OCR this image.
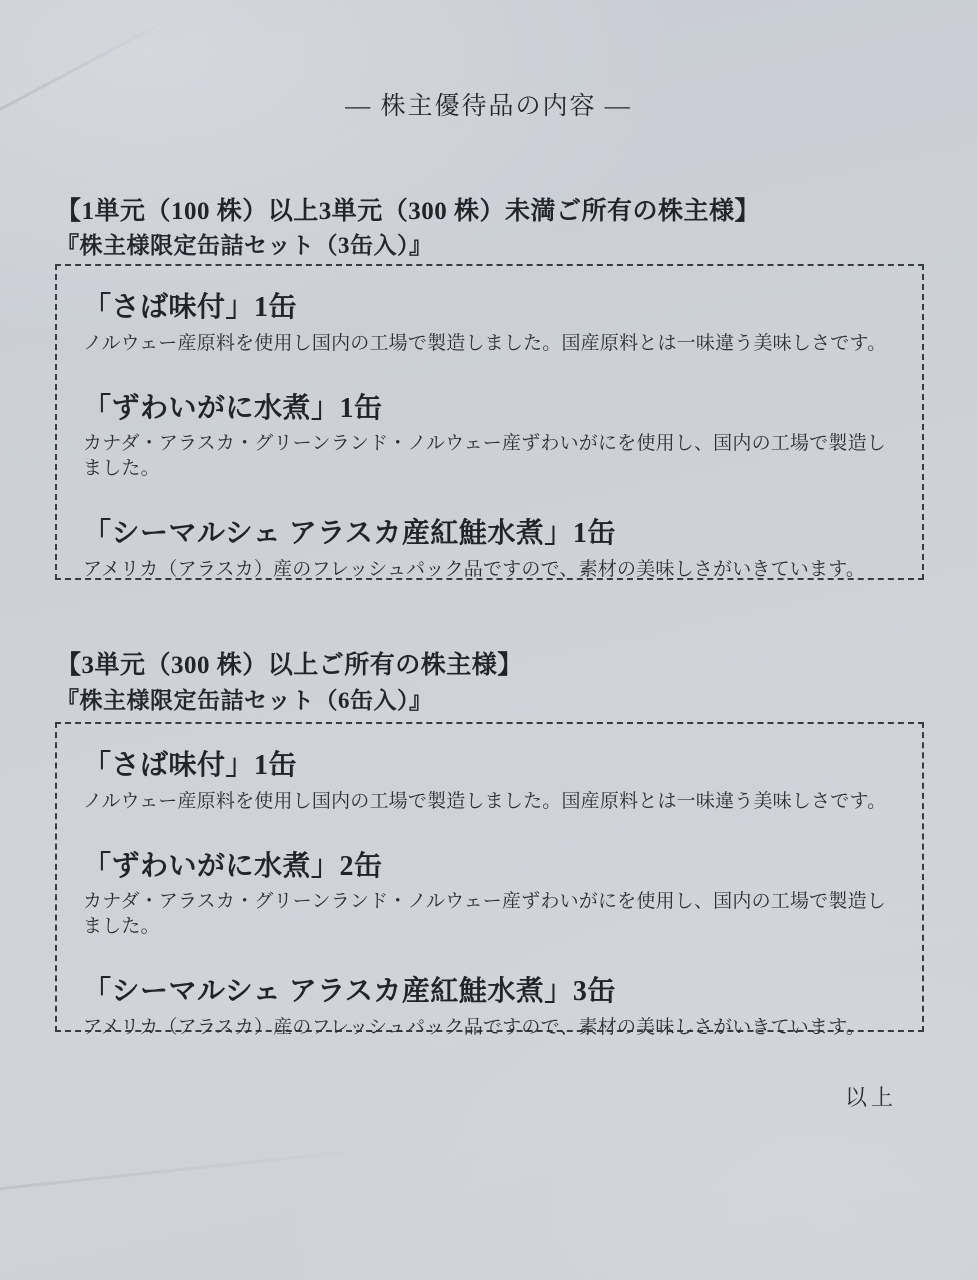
― 株主優待品の内容 ―
【1単元（100 株）以上3単元（300 株）未満ご所有の株主様】
『株主様限定缶詰セット（3缶入）』
「さば味付」1缶
ノルウェー産原料を使用し国内の工場で製造しました。国産原料とは一味違う美味しさです。
「ずわいがに水煮」1缶
カナダ・アラスカ・グリーンランド・ノルウェー産ずわいがにを使用し、国内の工場で製造しました。
「シーマルシェ アラスカ産紅鮭水煮」1缶
アメリカ（アラスカ）産のフレッシュパック品ですので、素材の美味しさがいきています。
【3単元（300 株）以上ご所有の株主様】
『株主様限定缶詰セット（6缶入）』
「さば味付」1缶
ノルウェー産原料を使用し国内の工場で製造しました。国産原料とは一味違う美味しさです。
「ずわいがに水煮」2缶
カナダ・アラスカ・グリーンランド・ノルウェー産ずわいがにを使用し、国内の工場で製造しました。
「シーマルシェ アラスカ産紅鮭水煮」3缶
アメリカ（アラスカ）産のフレッシュパック品ですので、素材の美味しさがいきています。
以上
